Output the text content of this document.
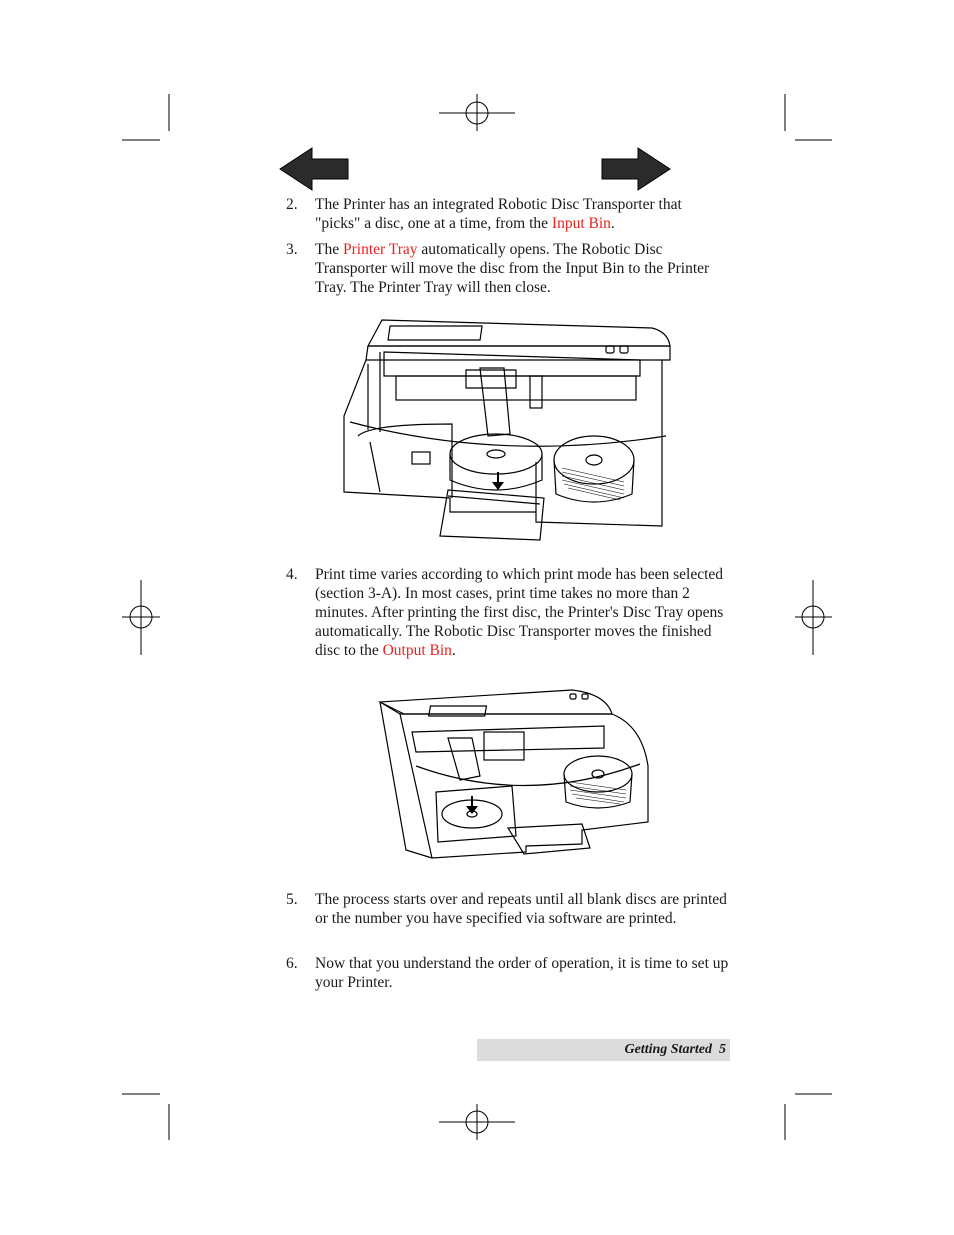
2.	The Printer has an integrated Robotic Disc Transporter that "picks" a disc, one at a time, from the Input Bin.
3.	The Printer Tray automatically opens. The Robotic Disc Transporter will move the disc from the Input Bin to the Printer Tray. The Printer Tray will then close.
4.	Print time varies according to which print mode has been selected (section 3-A). In most cases, print time takes no more than 2 minutes. After printing the first disc, the Printer's Disc Tray opens automatically. The Robotic Disc Transporter moves the finished disc to the Output Bin.
5.	The process starts over and repeats until all blank discs are printed or the number you have specified via software are printed.
6.	Now that you understand the order of operation, it is time to set up your Printer.
Getting Started 5
